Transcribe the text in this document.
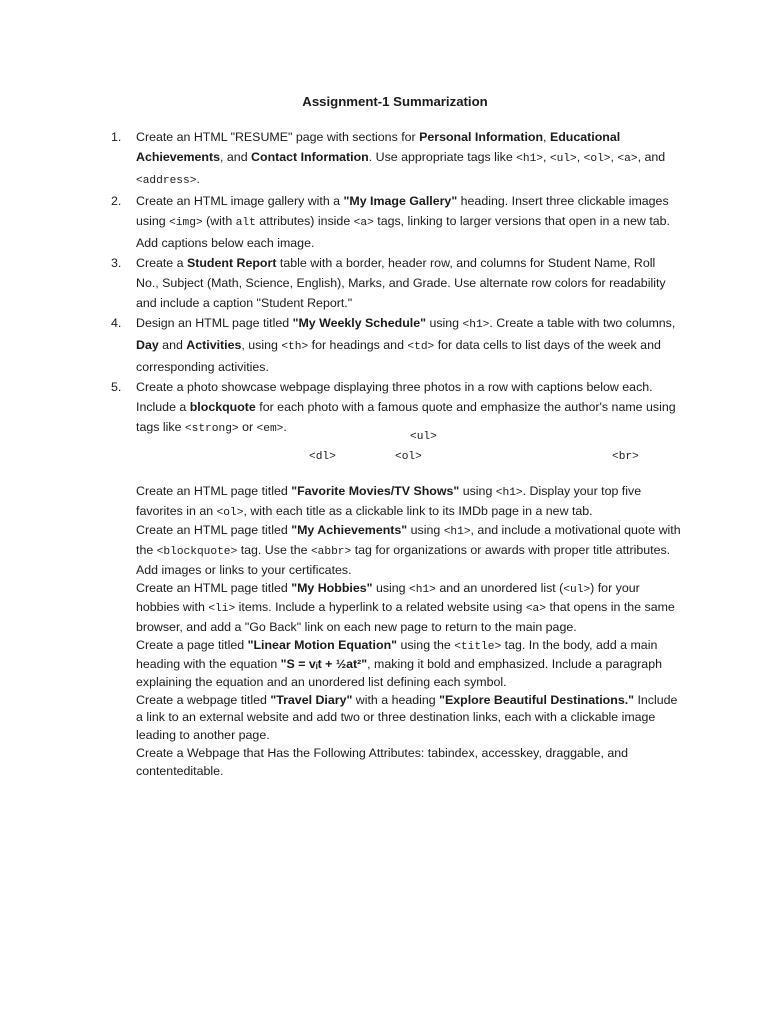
Assignment-1 Summarization
1. Create an HTML "RESUME" page with sections for Personal Information, Educational Achievements, and Contact Information. Use appropriate tags like <h1>, <ul>, <ol>, <a>, and <address>.
2. Create an HTML image gallery with a "My Image Gallery" heading. Insert three clickable images using <img> (with alt attributes) inside <a> tags, linking to larger versions that open in a new tab. Add captions below each image.
3. Create a Student Report table with a border, header row, and columns for Student Name, Roll No., Subject (Math, Science, English), Marks, and Grade. Use alternate row colors for readability and include a caption "Student Report."
4. Design an HTML page titled "My Weekly Schedule" using <h1>. Create a table with two columns, Day and Activities, using <th> for headings and <td> for data cells to list days of the week and corresponding activities.
5. Create a photo showcase webpage displaying three photos in a row with captions below each. Include a blockquote for each photo with a famous quote and emphasize the author's name using tags like <strong> or <em>.
<ul>
<dl>	<ol>	<br>
Create an HTML page titled "Favorite Movies/TV Shows" using <h1>. Display your top five favorites in an <ol>, with each title as a clickable link to its IMDb page in a new tab.
Create an HTML page titled "My Achievements" using <h1>, and include a motivational quote with the <blockquote> tag. Use the <abbr> tag for organizations or awards with proper title attributes. Add images or links to your certificates.
Create an HTML page titled "My Hobbies" using <h1> and an unordered list (<ul>) for your hobbies with <li> items. Include a hyperlink to a related website using <a> that opens in the same browser, and add a "Go Back" link on each new page to return to the main page.
Create a page titled "Linear Motion Equation" using the <title> tag. In the body, add a main heading with the equation "S = vᵢt + ½at²", making it bold and emphasized. Include a paragraph explaining the equation and an unordered list defining each symbol.
Create a webpage titled "Travel Diary" with a heading "Explore Beautiful Destinations." Include a link to an external website and add two or three destination links, each with a clickable image leading to another page.
Create a Webpage that Has the Following Attributes: tabindex, accesskey, draggable, and contenteditable.
